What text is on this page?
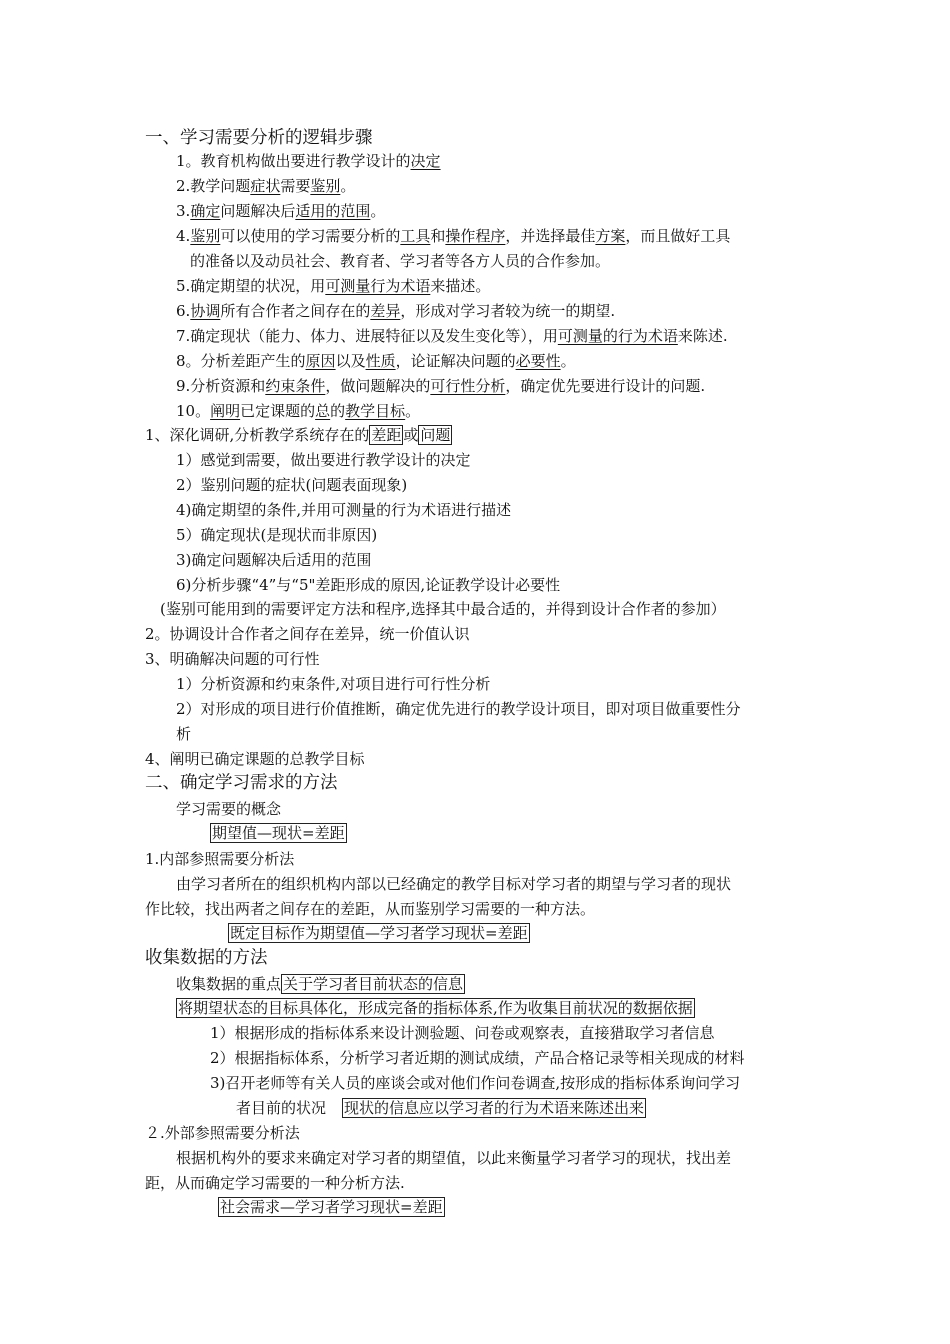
一、学习需要分析的逻辑步骤
1。教育机构做出要进行教学设计的决定
2.教学问题症状需要鉴别。
3.确定问题解决后适用的范围。
4.鉴别可以使用的学习需要分析的工具和操作程序，并选择最佳方案，而且做好工具
的准备以及动员社会、教育者、学习者等各方人员的合作参加。
5.确定期望的状况，用可测量行为术语来描述。
6.协调所有合作者之间存在的差异，形成对学习者较为统一的期望.
7.确定现状（能力、体力、进展特征以及发生变化等），用可测量的行为术语来陈述.
8。分析差距产生的原因以及性质，论证解决问题的必要性。
9.分析资源和约束条件，做问题解决的可行性分析，确定优先要进行设计的问题.
10。阐明已定课题的总的教学目标。
1、深化调研,分析教学系统存在的 差距 或 问题
1）感觉到需要，做出要进行教学设计的决定
2）鉴别问题的症状(问题表面现象)
4)确定期望的条件,并用可测量的行为术语进行描述
5）确定现状(是现状而非原因)
3)确定问题解决后适用的范围
6)分析步骤“4”与“5"差距形成的原因,论证教学设计必要性
(鉴别可能用到的需要评定方法和程序,选择其中最合适的，并得到设计合作者的参加）
2。协调设计合作者之间存在差异，统一价值认识
3、明确解决问题的可行性
1）分析资源和约束条件,对项目进行可行性分析
2）对形成的项目进行价值推断，确定优先进行的教学设计项目，即对项目做重要性分
析
4、阐明已确定课题的总教学目标
二、确定学习需求的方法
学习需要的概念
期望值—现状=差距
1.内部参照需要分析法
由学习者所在的组织机构内部以已经确定的教学目标对学习者的期望与学习者的现状
作比较，找出两者之间存在的差距，从而鉴别学习需要的一种方法。
既定目标作为期望值—学习者学习现状=差距
收集数据的方法
收集数据的重点 关于学习者目前状态的信息
将期望状态的目标具体化，形成完备的指标体系,作为收集目前状况的数据依据
1）根据形成的指标体系来设计测验题、问卷或观察表，直接猎取学习者信息
2）根据指标体系，分析学习者近期的测试成绩，产品合格记录等相关现成的材料
3)召开老师等有关人员的座谈会或对他们作问卷调查,按形成的指标体系询问学习
者目前的状况 现状的信息应以学习者的行为术语来陈述出来
２.外部参照需要分析法
根据机构外的要求来确定对学习者的期望值，以此来衡量学习者学习的现状，找出差
距，从而确定学习需要的一种分析方法.
社会需求—学习者学习现状=差距
